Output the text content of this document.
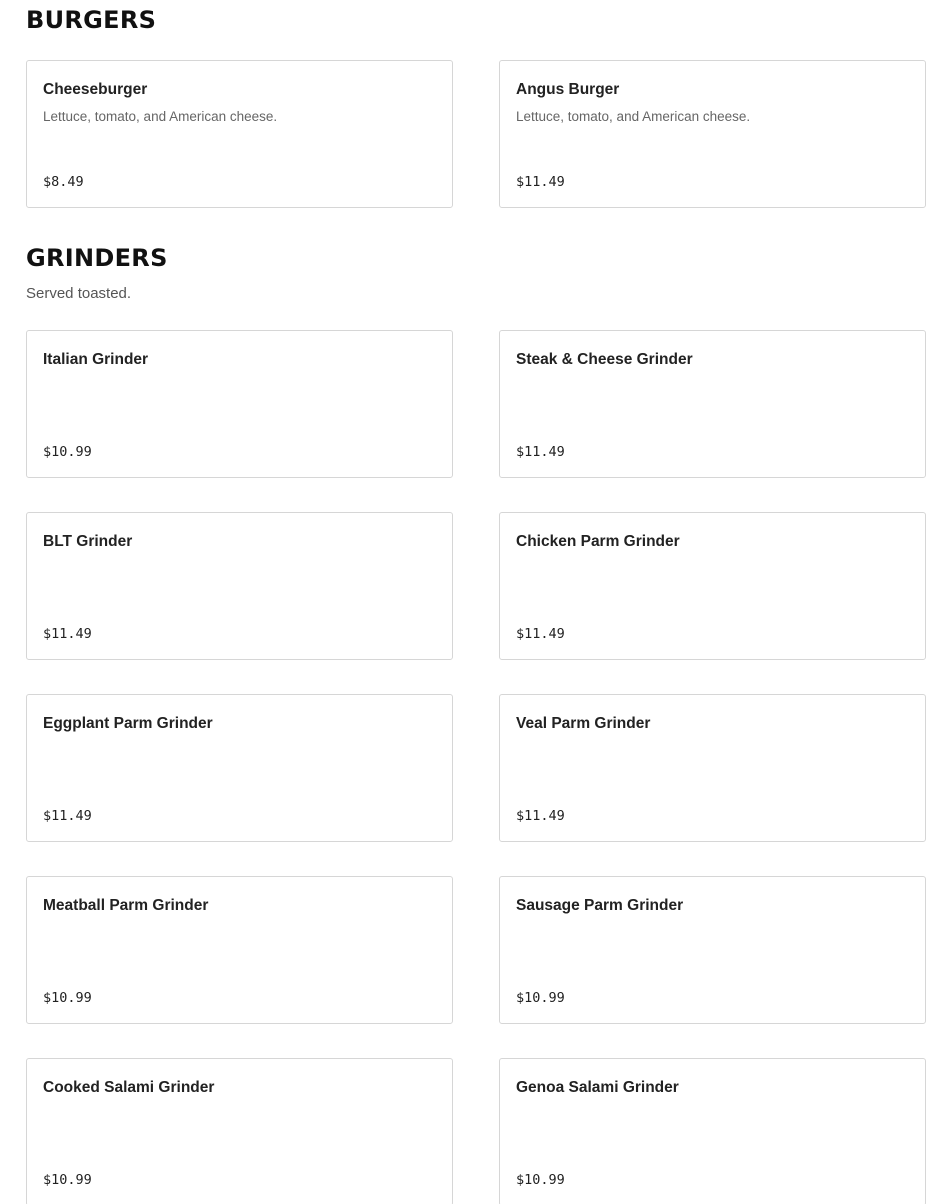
BURGERS
Cheeseburger
Lettuce, tomato, and American cheese.
$8.49
Angus Burger
Lettuce, tomato, and American cheese.
$11.49
GRINDERS

Served toasted.

Italian Grinder
$10.99
Steak & Cheese Grinder
$11.49
BLT Grinder
$11.49
Chicken Parm Grinder
$11.49
Eggplant Parm Grinder
$11.49
Veal Parm Grinder
$11.49
Meatball Parm Grinder
$10.99
Sausage Parm Grinder
$10.99
Cooked Salami Grinder
$10.99
Genoa Salami Grinder
$10.99
